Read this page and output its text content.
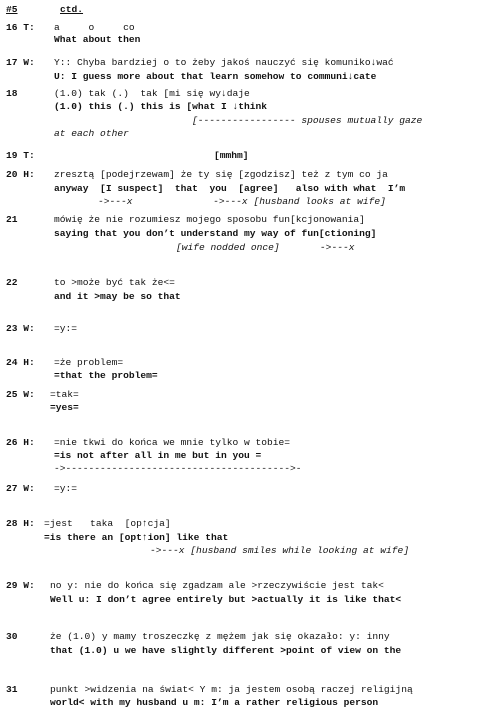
#5	ctd.
16 T: a     o     co
What about then
17 W: Y:: Chyba bardziej o to żeby jakoś nauczyć się komuniko↓wać
U: I guess more about that learn somehow to communi↓cate
18	(1.0) tak (.)  tak [mi się wy↓daje
(1.0) this (.) this is [what I ↓think
[----------------- spouses mutually gaze
at each other
19 T:	[mmhm]
20 H: zresztą [podejrzewam] że ty się [zgodzisz] też z tym co ja
anyway  [I suspect]  that  you  [agree]   also with what  I’m
->---x              ->---x [husband looks at wife]
21	mówię że nie rozumiesz mojego sposobu fun[kcjonowania]
saying that you don’t understand my way of fun[ctioning]
[wife nodded once]       ->---x
22	to >może być tak że<=
and it >may be so that
23 W: =y:=
24 H: =że problem=
=that the problem=
25 W: =tak=
=yes=
26 H: =nie tkwi do końca we mnie tylko w tobie=
=is not after all in me but in you =
->--------------------------------------->-
27 W: =y:=
28 H: =jest   taka  [op↑cja]
=is there an [opt↑ion] like that
->---x [husband smiles while looking at wife]
29 W: no y: nie do końca się zgadzam ale >rzeczywiście jest tak<
Well u: I don’t agree entirely but >actually it is like that<
30	że (1.0) y mamy troszeczkę z mężem jak się okazało: y: inny
that (1.0) u we have slightly different >point of view on the
31	punkt >widzenia na świat< Y m: ja jestem osobą raczej religijną
world< with my husband u m: I’m a rather religious person
